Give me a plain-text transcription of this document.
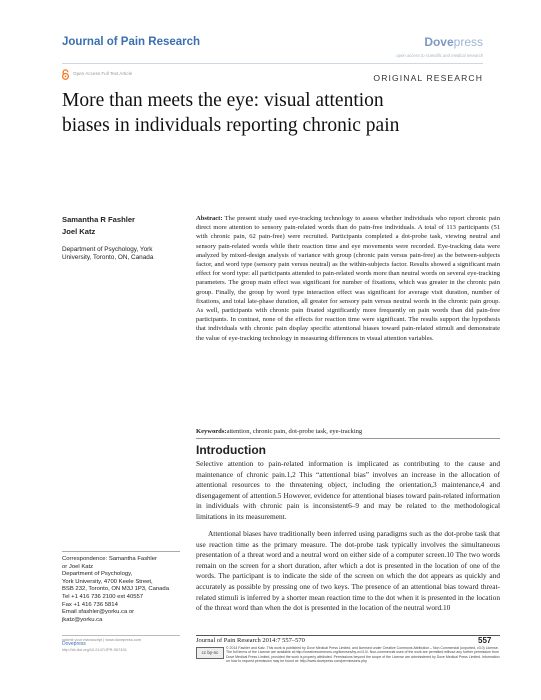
Journal of Pain Research	Dovepress
open access to scientific and medical research
Open Access Full Text Article	ORIGINAL RESEARCH
More than meets the eye: visual attention
biases in individuals reporting chronic pain
Samantha R Fashler
Joel Katz
Department of Psychology, York University, Toronto, ON, Canada
Abstract: The present study used eye-tracking technology to assess whether individuals who report chronic pain direct more attention to sensory pain-related words than do pain-free individuals. A total of 113 participants (51 with chronic pain, 62 pain-free) were recruited. Participants completed a dot-probe task, viewing neutral and sensory pain-related words while their reaction time and eye movements were recorded. Eye-tracking data were analyzed by mixed-design analysis of variance with group (chronic pain versus pain-free) as the between-subjects factor, and word type (sensory pain versus neutral) as the within-subjects factor. Results showed a significant main effect for word type: all participants attended to pain-related words more than neutral words on several eye-tracking parameters. The group main effect was significant for number of fixations, which was greater in the chronic pain group. Finally, the group by word type interaction effect was significant for average visit duration, number of fixations, and total late-phase duration, all greater for sensory pain versus neutral words in the chronic pain group. As well, participants with chronic pain fixated significantly more frequently on pain words than did pain-free participants. In contrast, none of the effects for reaction time were significant. The results support the hypothesis that individuals with chronic pain display specific attentional biases toward pain-related stimuli and demonstrate the value of eye-tracking technology in measuring differences in visual attention variables.
Keywords:attention, chronic pain, dot-probe task, eye-tracking
Introduction
Selective attention to pain-related information is implicated as contributing to the cause and maintenance of chronic pain.1,2 This “attentional bias” involves an increase in the allocation of attentional resources to the threatening object, including the orientation,3 maintenance,4 and disengagement of attention.5 However, evidence for attentional biases toward pain-related information in individuals with chronic pain is inconsistent6–9 and may be related to the methodological limitations in its measurement.
Attentional biases have traditionally been inferred using paradigms such as the dot-probe task that use reaction time as the primary measure. The dot-probe task typically involves the simultaneous presentation of a threat word and a neutral word on either side of a computer screen.10 The two words remain on the screen for a short duration, after which a dot is presented in the location of one of the words. The participant is to indicate the side of the screen on which the dot appears as quickly and accurately as possible by pressing one of two keys. The presence of an attentional bias toward threat-related stimuli is inferred by a shorter mean reaction time to the dot when it is presented in the location of the threat word than when the dot is presented in the location of the neutral word.10
Correspondence: Samantha Fashler
or Joel Katz
Department of Psychology,
York University, 4700 Keele Street,
BSB 232, Toronto, ON M3J 1P3, Canada
Tel +1 416 736 2100 ext 40557
Fax +1 416 736 5814
Email sfashler@yorku.ca or
jkatz@yorku.ca
submit your manuscript | www.dovepress.com
Dovepress
http://dx.doi.org/10.2147/JPR.S67431
Journal of Pain Research 2014:7 557–570	557
cc by-nc
© 2014 Fashler and Katz. This work is published by Dove Medical Press Limited, and licensed under Creative Commons Attribution – Non Commercial (unported, v3.0) License. The full terms of the License are available at http://creativecommons.org/licenses/by-nc/3.0/. Non-commercial uses of the work are permitted without any further permission from Dove Medical Press Limited, provided the work is properly attributed. Permissions beyond the scope of the License are administered by Dove Medical Press Limited. Information on how to request permission may be found at: http://www.dovepress.com/permissions.php
